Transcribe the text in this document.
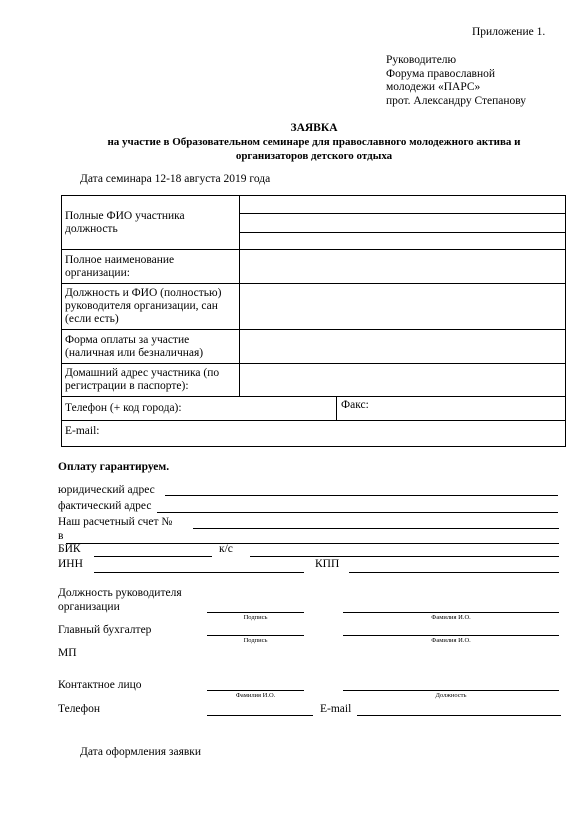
Приложение 1.
Руководителю
Форума православной
молодежи «ПАРС»
прот. Александру Степанову
ЗАЯВКА
на участие в Образовательном семинаре для православного молодежного актива и
организаторов детского отдыха
Дата семинара 12-18 августа 2019 года
Полные ФИО участника должность
Полное наименование организации:
Должность и ФИО (полностью) руководителя организации, сан (если есть)
Форма оплаты за участие (наличная или безналичная)
Домашний адрес участника (по регистрации в паспорте):
Телефон (+ код города):	Факс:
E-mail:
Оплату гарантируем.
юридический адрес
фактический адрес
Наш расчетный счет №
в
БИК	к/с
ИНН	КПП
Должность руководителя
организации
Подпись	Фамилия И.О.
Главный бухгалтер
Подпись	Фамилия И.О.
МП
Контактное лицо
Фамилия И.О.	Должность
Телефон	E-mail
Дата оформления заявки
